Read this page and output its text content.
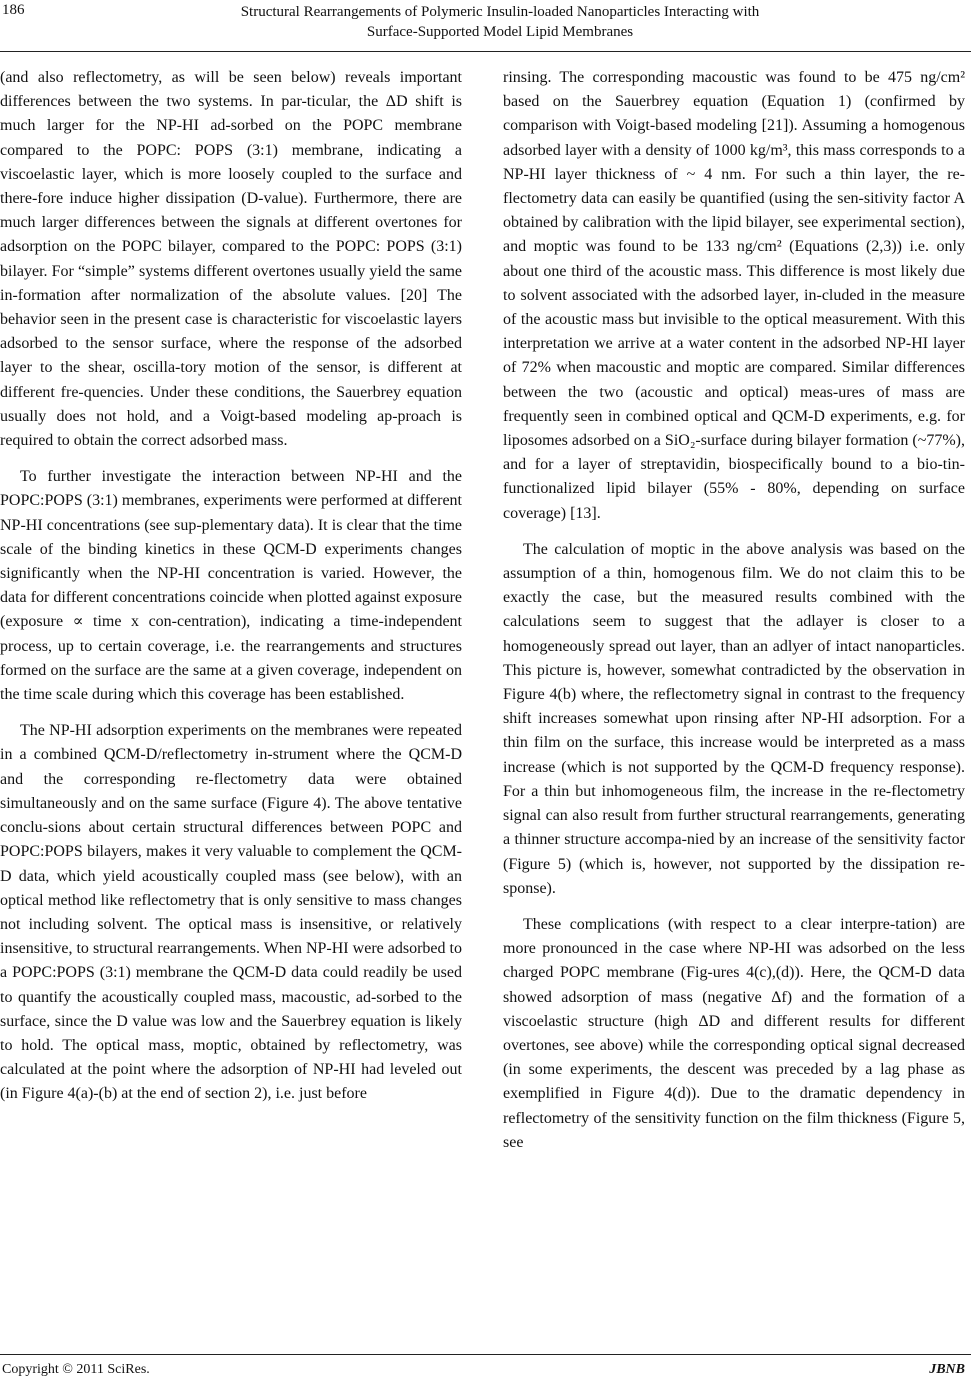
186	Structural Rearrangements of Polymeric Insulin-loaded Nanoparticles Interacting with
Surface-Supported Model Lipid Membranes

(and also reflectometry, as will be seen below) reveals important differences between the two systems. In par-ticular, the ΔD shift is much larger for the NP-HI ad-sorbed on the POPC membrane compared to the POPC: POPS (3:1) membrane, indicating a viscoelastic layer, which is more loosely coupled to the surface and there-fore induce higher dissipation (D-value). Furthermore, there are much larger differences between the signals at different overtones for adsorption on the POPC bilayer, compared to the POPC: POPS (3:1) bilayer. For “simple” systems different overtones usually yield the same in-formation after normalization of the absolute values. [20] The behavior seen in the present case is characteristic for viscoelastic layers adsorbed to the sensor surface, where the response of the adsorbed layer to the shear, oscilla-tory motion of the sensor, is different at different fre-quencies. Under these conditions, the Sauerbrey equation usually does not hold, and a Voigt-based modeling ap-proach is required to obtain the correct adsorbed mass.

To further investigate the interaction between NP-HI and the POPC:POPS (3:1) membranes, experiments were performed at different NP-HI concentrations (see sup-plementary data). It is clear that the time scale of the binding kinetics in these QCM-D experiments changes significantly when the NP-HI concentration is varied. However, the data for different concentrations coincide when plotted against exposure (exposure ∝ time x con-centration), indicating a time-independent process, up to certain coverage, i.e. the rearrangements and structures formed on the surface are the same at a given coverage, independent on the time scale during which this coverage has been established.

The NP-HI adsorption experiments on the membranes were repeated in a combined QCM-D/reflectometry in-strument where the QCM-D and the corresponding re-flectometry data were obtained simultaneously and on the same surface (Figure 4). The above tentative conclu-sions about certain structural differences between POPC and POPC:POPS bilayers, makes it very valuable to complement the QCM-D data, which yield acoustically coupled mass (see below), with an optical method like reflectometry that is only sensitive to mass changes not including solvent. The optical mass is insensitive, or relatively insensitive, to structural rearrangements. When NP-HI were adsorbed to a POPC:POPS (3:1) membrane the QCM-D data could readily be used to quantify the acoustically coupled mass, macoustic, ad-sorbed to the surface, since the D value was low and the Sauerbrey equation is likely to hold. The optical mass, moptic, obtained by reflectometry, was calculated at the point where the adsorption of NP-HI had leveled out (in Figure 4(a)-(b) at the end of section 2), i.e. just before

rinsing. The corresponding macoustic was found to be 475 ng/cm² based on the Sauerbrey equation (Equation 1) (confirmed by comparison with Voigt-based modeling [21]). Assuming a homogenous adsorbed layer with a density of 1000 kg/m³, this mass corresponds to a NP-HI layer thickness of ~ 4 nm. For such a thin layer, the re-flectometry data can easily be quantified (using the sen-sitivity factor A obtained by calibration with the lipid bilayer, see experimental section), and moptic was found to be 133 ng/cm² (Equations (2,3)) i.e. only about one third of the acoustic mass. This difference is most likely due to solvent associated with the adsorbed layer, in-cluded in the measure of the acoustic mass but invisible to the optical measurement. With this interpretation we arrive at a water content in the adsorbed NP-HI layer of 72% when macoustic and moptic are compared. Similar differences between the two (acoustic and optical) meas-ures of mass are frequently seen in combined optical and QCM-D experiments, e.g. for liposomes adsorbed on a SiO₂-surface during bilayer formation (~77%), and for a layer of streptavidin, biospecifically bound to a bio-tin-functionalized lipid bilayer (55% - 80%, depending on surface coverage) [13].

The calculation of moptic in the above analysis was based on the assumption of a thin, homogenous film. We do not claim this to be exactly the case, but the measured results combined with the calculations seem to suggest that the adlayer is closer to a homogeneously spread out layer, than an adlyer of intact nanoparticles. This picture is, however, somewhat contradicted by the observation in Figure 4(b) where, the reflectometry signal in contrast to the frequency shift increases somewhat upon rinsing after NP-HI adsorption. For a thin film on the surface, this increase would be interpreted as a mass increase (which is not supported by the QCM-D frequency response). For a thin but inhomogeneous film, the increase in the re-flectometry signal can also result from further structural rearrangements, generating a thinner structure accompa-nied by an increase of the sensitivity factor (Figure 5) (which is, however, not supported by the dissipation re-sponse).

These complications (with respect to a clear interpre-tation) are more pronounced in the case where NP-HI was adsorbed on the less charged POPC membrane (Fig-ures 4(c),(d)). Here, the QCM-D data showed adsorption of mass (negative Δf) and the formation of a viscoelastic structure (high ΔD and different results for different overtones, see above) while the corresponding optical signal decreased (in some experiments, the descent was preceded by a lag phase as exemplified in Figure 4(d)). Due to the dramatic dependency in reflectometry of the sensitivity function on the film thickness (Figure 5, see

Copyright © 2011 SciRes.	JBNB
